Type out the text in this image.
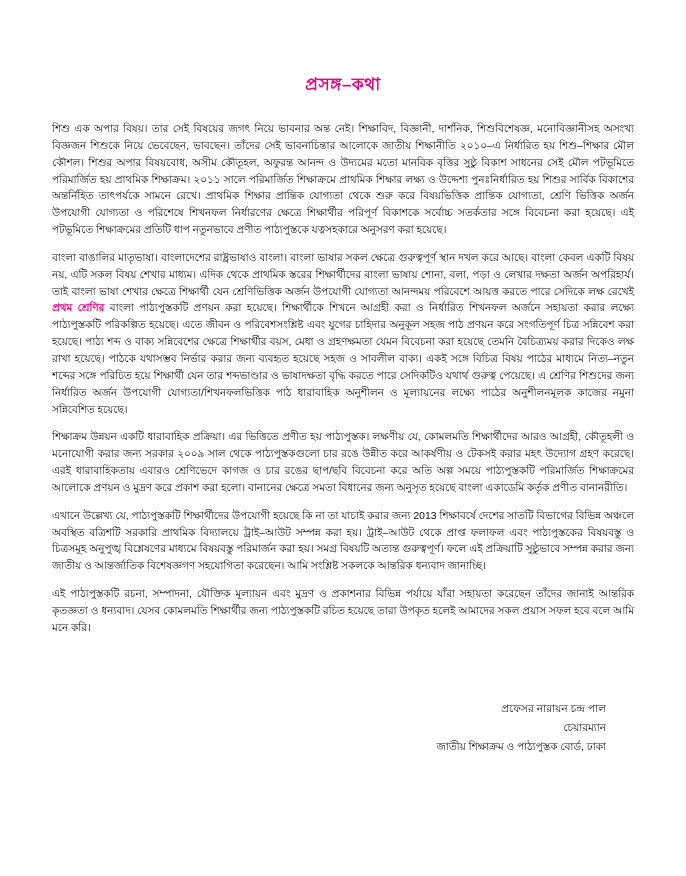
প্রসঙ্গ–কথা

শিশু এক অপার বিষয়। তার সেই বিষয়ের জগৎ নিয়ে ভাবনার অন্ত নেই। শিক্ষাবিদ, বিজ্ঞানী, দার্শনিক, শিশুবিশেষজ্ঞ, মনোবিজ্ঞানীসহ অসংখ্য বিজ্ঞজন শিশুকে নিয়ে ভেবেছেন, ভাবছেন। তাঁদের সেই ভাবনাচিন্তার আলোকে জাতীয় শিক্ষানীতি ২০১০–এ নির্ধারিত হয় শিশু–শিক্ষার মৌল কৌশল। শিশুর অপার বিষয়বোধ, অসীম কৌতূহল, অফুরন্ত আনন্দ ও উদ্যমের মতো মানবিক বৃত্তির সুষ্ঠু বিকাশ সাধনের সেই মৌল পটভূমিতে পরিমার্জিত হয় প্রাথমিক শিক্ষাক্রম। ২০১১ সালে পরিমার্জিত শিক্ষাক্রমে প্রাথমিক শিক্ষার লক্ষ্য ও উদ্দেশ্য পুনঃনির্ধারিত হয় শিশুর সার্বিক বিকাশের অন্তর্নিহিত তাৎপর্যকে সামনে রেখে। প্রাথমিক শিক্ষার প্রান্তিক যোগ্যতা থেকে শুরু করে বিষয়ভিত্তিক প্রান্তিক যোগ্যতা, শ্রেণি ভিত্তিক অর্জন উপযোগী যোগ্যতা ও পরিশেষে শিখনফল নির্ধারণের ক্ষেত্রে শিক্ষার্থীর পরিপূর্ণ বিকাশকে সর্বোচ্চ সতর্কতার সঙ্গে বিবেচনা করা হয়েছে। এই পটভূমিতে শিক্ষাক্রমের প্রতিটি ধাপ নতুনভাবে প্রণীত পাঠ্যপুস্তকে যত্নসহকারে অনুসরণ করা হয়েছে।

বাংলা বাঙালির মাতৃভাষা। বাংলাদেশের রাষ্ট্রভাষাও বাংলা। বাংলা ভাষার সকল ক্ষেত্রে গুরুত্বপূর্ণ স্থান দখল করে আছে। বাংলা কেবল একটি বিষয় নয়, এটি সকল বিষয় শেখার মাধ্যম। এদিক থেকে প্রাথমিক স্তরের শিক্ষার্থীদের বাংলা ভাষায় শোনা, বলা, পড়া ও লেখার দক্ষতা অর্জন অপরিহার্য। তাই বাংলা ভাষা শেখার ক্ষেত্রে শিক্ষার্থী যেন শ্রেণিভিত্তিক অর্জন উপযোগী যোগ্যতা আনন্দময় পরিবেশে আয়ত্ত করতে পারে সেদিকে লক্ষ রেখেই প্রথম শ্রেণির বাংলা পাঠ্যপুস্তকটি প্রণয়ন করা হয়েছে। শিক্ষার্থীকে শিখনে আগ্রহী করা ও নির্ধারিত শিখনফল অর্জনে সহায়তা করার লক্ষ্যে পাঠ্যপুস্তকটি পরিকল্পিত হয়েছে। এতে জীবন ও পরিবেশসংশ্লিষ্ট এবং যুগের চাহিদার অনুকূল সহজ পাঠ প্রণয়ন করে সংগতিপূর্ণ চিত্র সন্নিবেশ করা হয়েছে। পাঠ্য শব্দ ও বাক্য সন্নিবেশের ক্ষেত্রে শিক্ষার্থীর বয়স, মেধা ও গ্রহণক্ষমতা যেমন বিবেচনা করা হয়েছে তেমনি বৈচিত্র্যময় করার দিকেও লক্ষ রাখা হয়েছে। পাঠকে যথাসম্ভব নির্ভার করার জন্য ব্যবহৃত হয়েছে সহজ ও সাবলীল বাক্য। একই সঙ্গে বিচিত্র বিষয় পাঠের মাধ্যমে নিত্য–নতুন শব্দের সঙ্গে পরিচিত হয়ে শিক্ষার্থী যেন তার শব্দভাণ্ডার ও ভাষাদক্ষতা বৃদ্ধি করতে পারে সেদিকটিও যথার্থ গুরুত্ব পেয়েছে। এ শ্রেণির শিশুদের জন্য নির্ধারিত অর্জন উপযোগী যোগ্যতা/শিখনফলভিত্তিক পাঠ ধারাবাহিক অনুশীলন ও মূল্যায়নের লক্ষ্যে পাঠের অনুশীলনমূলক কাজের নমুনা সন্নিবেশিত হয়েছে।

শিক্ষাক্রম উন্নয়ন একটি ধারাবাহিক প্রক্রিয়া। এর ভিত্তিতে প্রণীত হয় পাঠ্যপুস্তক। লক্ষণীয় যে, কোমলমতি শিক্ষার্থীদের আরও আগ্রহী, কৌতূহলী ও মনোযোগী করার জন্য সরকার ২০০৯ সাল থেকে পাঠ্যপুস্তকগুলো চার রঙে উন্নীত করে আকর্ষণীয় ও টেকসই করার মহৎ উদ্যোগ গ্রহণ করেছে। এরই ধারাবাহিকতায় এবারও শ্রেণিভেদে কাগজ ও চার রঙের ছাপ/ছবি বিবেচনা করে অতি অল্প সময়ে পাঠ্যপুস্তকটি পরিমার্জিত শিক্ষাক্রমের আলোকে প্রণয়ন ও মুদ্রণ করে প্রকাশ করা হলো। বানানের ক্ষেত্রে সমতা বিধানের জন্য অনুসৃত হয়েছে বাংলা একাডেমি কর্তৃক প্রণীত বানানরীতি।

এখানে উল্লেখ্য যে, পাঠ্যপুস্তকটি শিক্ষার্থীদের উপযোগী হয়েছে কি না তা যাচাই করার জন্য 2013 শিক্ষাবর্ষে দেশের সাতটি বিভাগের বিভিন্ন অঞ্চলে অবস্থিত বত্রিশটি সরকারি প্রাথমিক বিদ্যালয়ে ট্রাই–আউট সম্পন্ন করা হয়। ট্রাই–আউট থেকে প্রাপ্ত ফলাফল এবং পাঠ্যপুস্তকের বিষয়বস্তু ও চিত্রসমূহ অনুপুঙ্খ বিশ্লেষণের মাধ্যমে বিষয়বস্তু পরিমার্জন করা হয়। সমগ্র বিষয়টি অত্যন্ত গুরুত্বপূর্ণ। ফলে এই প্রক্রিয়াটি সুষ্ঠুভাবে সম্পন্ন করার জন্য জাতীয় ও আন্তর্জাতিক বিশেষজ্ঞগণ সহযোগিতা করেছেন। আমি সংশ্লিষ্ট সকলকে আন্তরিক ধন্যবাদ জানাচ্ছি।

এই পাঠ্যপুস্তকটি রচনা, সম্পাদনা, যৌক্তিক মূল্যায়ন এবং মুদ্রণ ও প্রকাশনার বিভিন্ন পর্যায়ে যাঁরা সহায়তা করেছেন তাঁদের জানাই আন্তরিক কৃতজ্ঞতা ও ধন্যবাদ। যেসব কোমলমতি শিক্ষার্থীর জন্য পাঠ্যপুস্তকটি রচিত হয়েছে তারা উপকৃত হলেই আমাদের সকল প্রয়াস সফল হবে বলে আমি মনে করি।

প্রফেসর নারায়ন চন্দ্র পাল
চেয়ারম্যান
জাতীয় শিক্ষাক্রম ও পাঠ্যপুস্তক বোর্ড, ঢাকা
